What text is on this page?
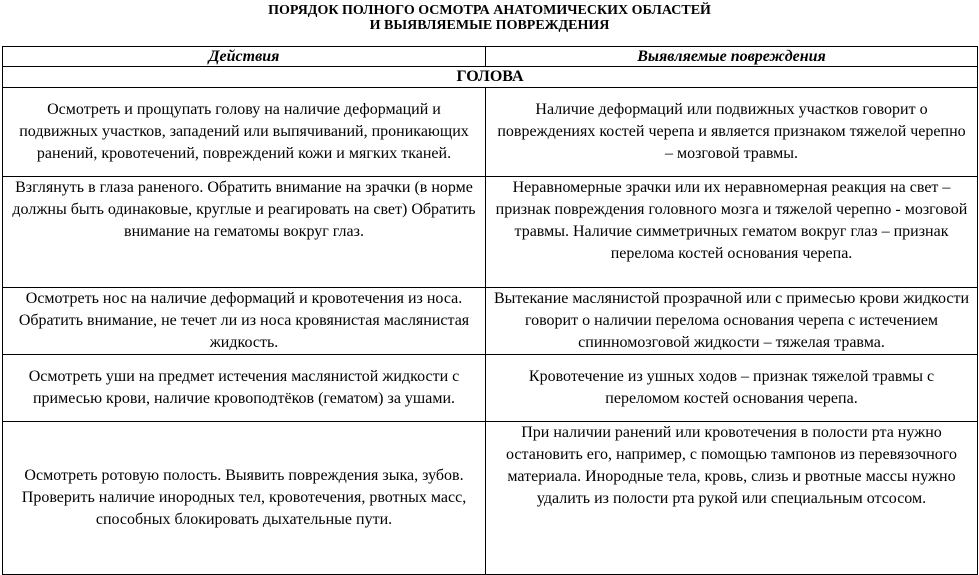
ПОРЯДОК ПОЛНОГО ОСМОТРА АНАТОМИЧЕСКИХ ОБЛАСТЕЙ
И ВЫЯВЛЯЕМЫЕ ПОВРЕЖДЕНИЯ
Действия	Выявляемые повреждения
ГОЛОВА	
Осмотреть и прощупать голову на наличие деформаций и подвижных участков, западений или выпячиваний, проникающих ранений, кровотечений, повреждений кожи и мягких тканей.	Наличие деформаций или подвижных участков говорит о повреждениях костей черепа и является признаком тяжелой черепно – мозговой травмы.
Взглянуть в глаза раненого. Обратить внимание на зрачки (в норме должны быть одинаковые, круглые и реагировать на свет) Обратить внимание на гематомы вокруг глаз.	Неравномерные зрачки или их неравномерная реакция на свет – признак повреждения головного мозга и тяжелой черепно - мозговой травмы. Наличие симметричных гематом вокруг глаз – признак перелома костей основания черепа.
Осмотреть нос на наличие деформаций и кровотечения из носа. Обратить внимание, не течет ли из носа кровянистая маслянистая жидкость.	Вытекание маслянистой прозрачной или с примесью крови жидкости говорит о наличии перелома основания черепа с истечением спинномозговой жидкости – тяжелая травма.
Осмотреть уши на предмет истечения маслянистой жидкости с примесью крови, наличие кровоподтёков (гематом) за ушами.	Кровотечение из ушных ходов – признак тяжелой травмы с переломом костей основания черепа.
Осмотреть ротовую полость. Выявить повреждения зыка, зубов. Проверить наличие инородных тел, кровотечения, рвотных масс, способных блокировать дыхательные пути.	При наличии ранений или кровотечения в полости рта нужно остановить его, например, с помощью тампонов из перевязочного материала. Инородные тела, кровь, слизь и рвотные массы нужно удалить из полости рта рукой или специальным отсосом.
